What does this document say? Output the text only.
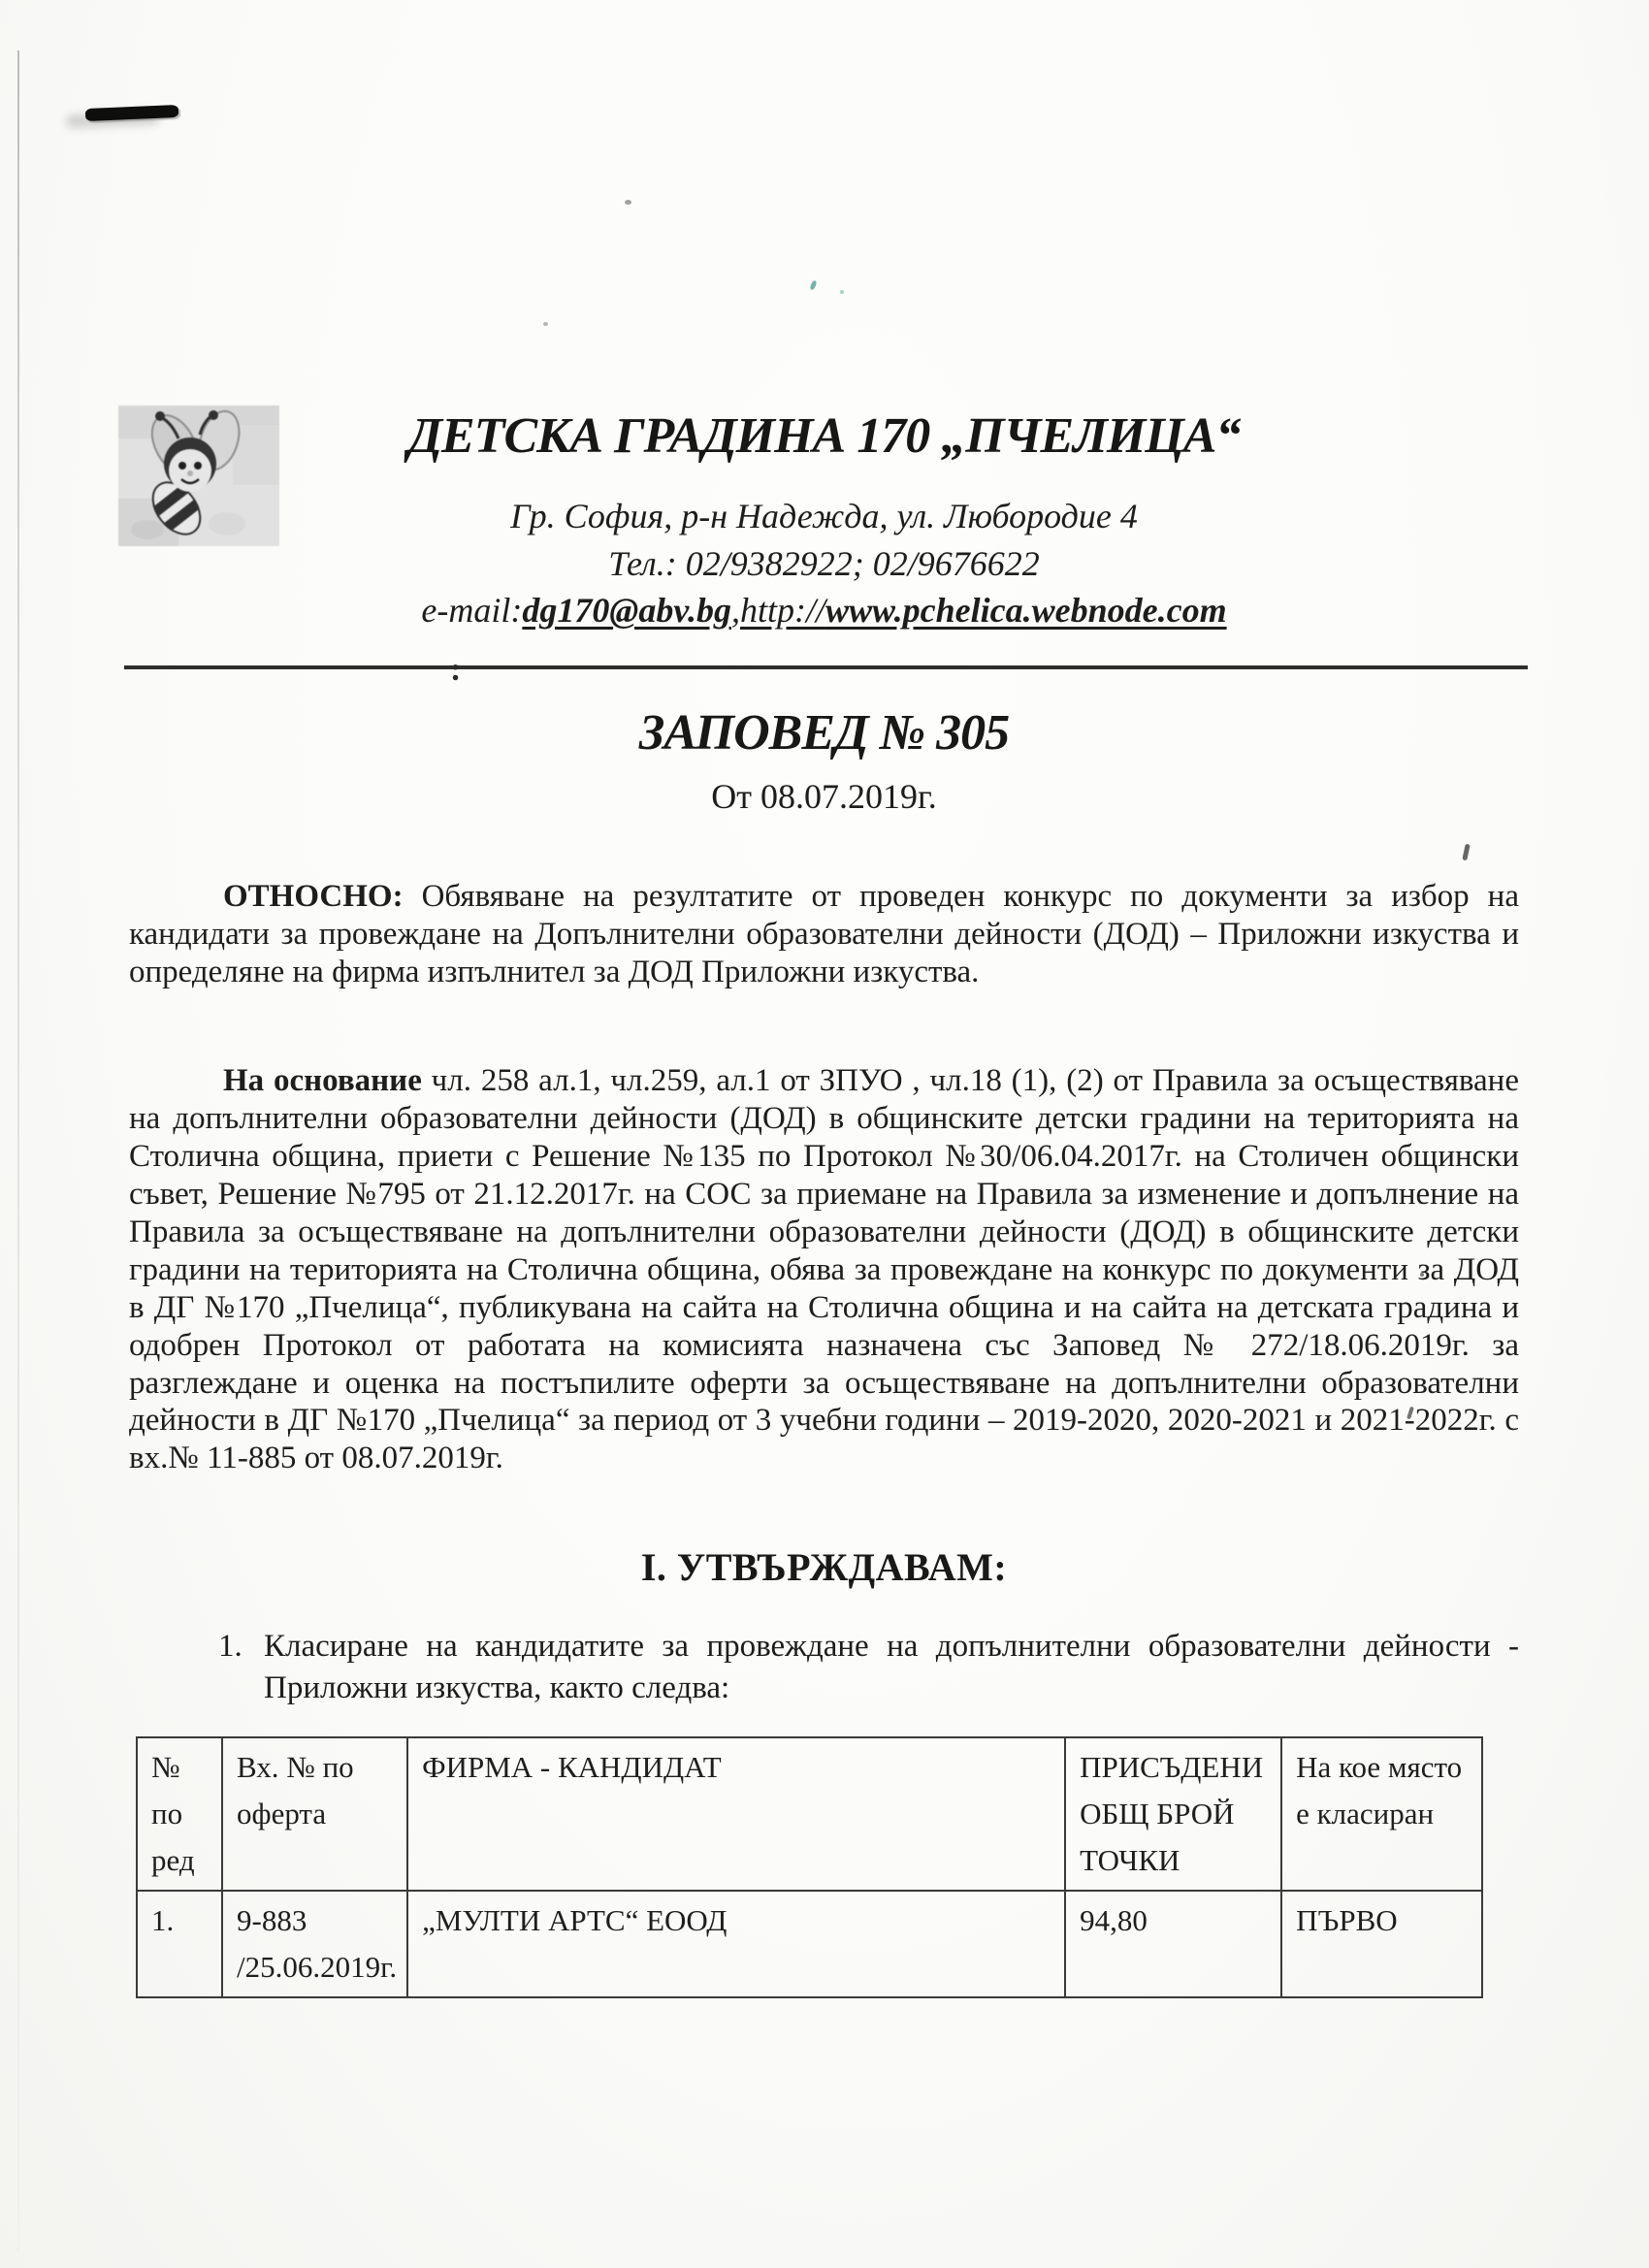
ДЕТСКА ГРАДИНА 170 „ПЧЕЛИЦА“
Гр. София, р-н Надежда, ул. Любородие 4
Тел.: 02/9382922; 02/9676622
e-mail:dg170@abv.bg,http://www.pchelica.webnode.com
:
ЗАПОВЕД № 305
От 08.07.2019г.

ОТНОСНО: Обявяване на резултатите от проведен конкурс по документи за избор на кандидати за провеждане на Допълнителни образователни дейности (ДОД) – Приложни изкуства и определяне на фирма изпълнител за ДОД Приложни изкуства.

На основание чл. 258 ал.1, чл.259, ал.1 от ЗПУО , чл.18 (1), (2) от Правила за осъществяване на допълнителни образователни дейности (ДОД) в общинските детски градини на територията на Столична община, приети с Решение №135 по Протокол №30/06.04.2017г. на Столичен общински съвет, Решение №795 от 21.12.2017г. на СОС за приемане на Правила за изменение и допълнение на Правила за осъществяване на допълнителни образователни дейности (ДОД) в общинските детски градини на територията на Столична община, обява за провеждане на конкурс по документи за ДОД в ДГ №170 „Пчелица“, публикувана на сайта на Столична община и на сайта на детската градина и одобрен Протокол от работата на комисията назначена със Заповед № 272/18.06.2019г. за разглеждане и оценка на постъпилите оферти за осъществяване на допълнителни образователни дейности в ДГ №170 „Пчелица“ за период от 3 учебни години – 2019-2020, 2020-2021 и 2021-2022г. с вх.№ 11-885 от 08.07.2019г.

I. УТВЪРЖДАВАМ:
1. Класиране на кандидатите за провеждане на допълнителни образователни дейности - Приложни изкуства, както следва:
№ по ред	Вх. № по оферта	ФИРМА - КАНДИДАТ	ПРИСЪДЕНИ ОБЩ БРОЙ ТОЧКИ	На кое място е класиран
1.	9-883 /25.06.2019г.	„МУЛТИ АРТС“ ЕООД	94,80	ПЪРВО
